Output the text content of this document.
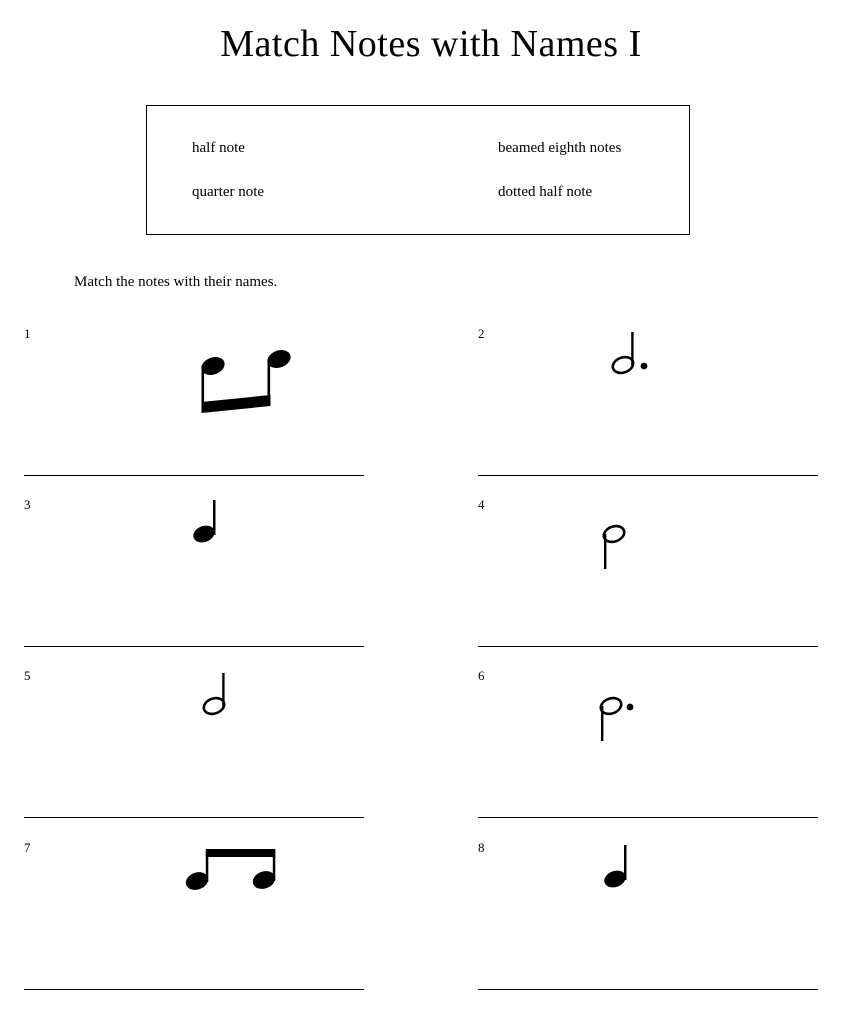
Match Notes with Names I
half note	beamed eighth notes
quarter note	dotted half note
Match the notes with their names.
1	2
3	4
5	6
7	8
